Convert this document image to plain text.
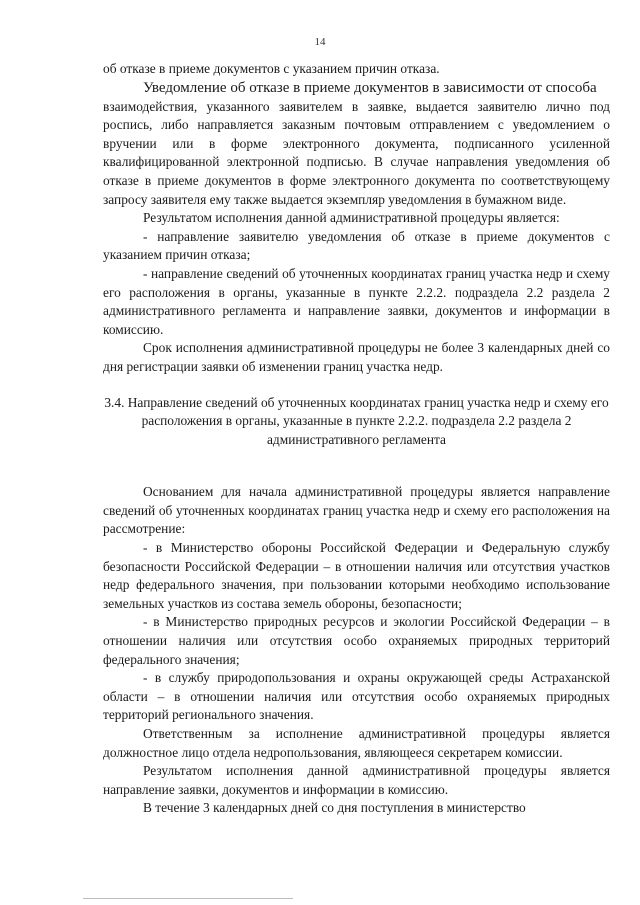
14

об отказе в приеме документов с указанием причин отказа.

Уведомление об отказе в приеме документов в зависимости от способа

взаимодействия, указанного заявителем в заявке, выдается заявителю лично под роспись, либо направляется заказным почтовым отправлением с уведомлением о вручении или в форме электронного документа, подписанного усиленной квалифицированной электронной подписью. В случае направления уведомления об отказе в приеме документов в форме электронного документа по соответствующему запросу заявителя ему также выдается экземпляр уведомления в бумажном виде.

Результатом исполнения данной административной процедуры является:

- направление заявителю уведомления об отказе в приеме документов с указанием причин отказа;

- направление сведений об уточненных координатах границ участка недр и схему его расположения в органы, указанные в пункте 2.2.2. подраздела 2.2 раздела 2 административного регламента и направление заявки, документов и информации в комиссию.

Срок исполнения административной процедуры не более 3 календарных дней со дня регистрации заявки об изменении границ участка недр.

3.4. Направление сведений об уточненных координатах границ участка недр и схему его расположения в органы, указанные в пункте 2.2.2. подраздела 2.2 раздела 2 административного регламента

Основанием для начала административной процедуры является направление сведений об уточненных координатах границ участка недр и схему его расположения на рассмотрение:

- в Министерство обороны Российской Федерации и Федеральную службу безопасности Российской Федерации – в отношении наличия или отсутствия участков недр федерального значения, при пользовании которыми необходимо использование земельных участков из состава земель обороны, безопасности;

- в Министерство природных ресурсов и экологии Российской Федерации – в отношении наличия или отсутствия особо охраняемых природных территорий федерального значения;

- в службу природопользования и охраны окружающей среды Астраханской области – в отношении наличия или отсутствия особо охраняемых природных территорий регионального значения.

Ответственным за исполнение административной процедуры является должностное лицо отдела недропользования, являющееся секретарем комиссии.

Результатом исполнения данной административной процедуры является направление заявки, документов и информации в комиссию.

В течение 3 календарных дней со дня поступления в министерство
